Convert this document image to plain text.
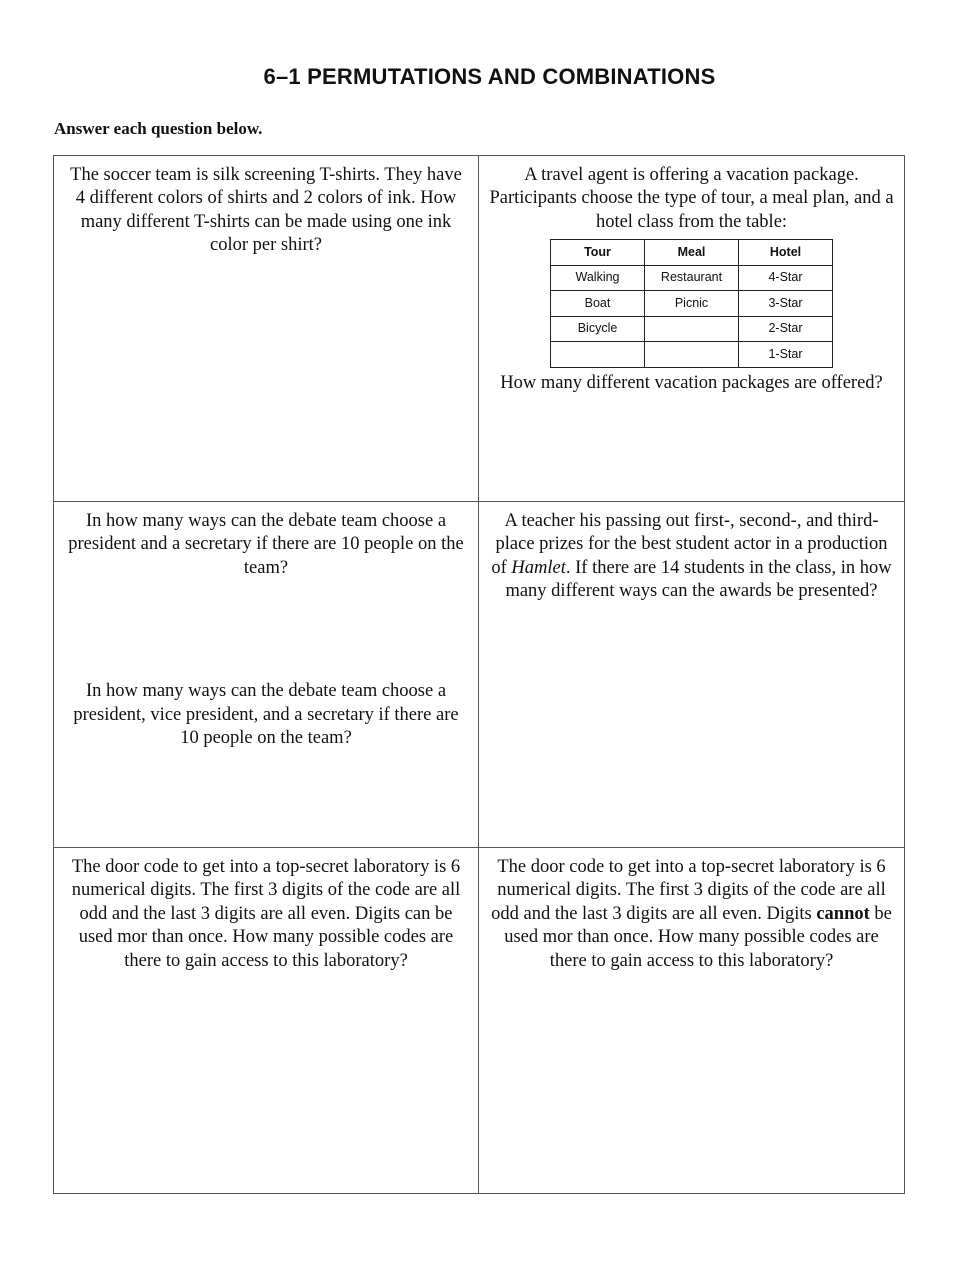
6–1 PERMUTATIONS AND COMBINATIONS
Answer each question below.

The soccer team is silk screening T-shirts. They have 4 different colors of shirts and 2 colors of ink. How many different T-shirts can be made using one ink color per shirt?

A travel agent is offering a vacation package. Participants choose the type of tour, a meal plan, and a hotel class from the table:

Tour	Meal	Hotel
Walking	Restaurant	4-Star
Boat	Picnic	3-Star
Bicycle		2-Star
		1-Star

How many different vacation packages are offered?

In how many ways can the debate team choose a president and a secretary if there are 10 people on the team?

In how many ways can the debate team choose a president, vice president, and a secretary if there are 10 people on the team?

A teacher his passing out first-, second-, and third-place prizes for the best student actor in a production of Hamlet. If there are 14 students in the class, in how many different ways can the awards be presented?

The door code to get into a top-secret laboratory is 6 numerical digits. The first 3 digits of the code are all odd and the last 3 digits are all even. Digits can be used mor than once. How many possible codes are there to gain access to this laboratory?

The door code to get into a top-secret laboratory is 6 numerical digits. The first 3 digits of the code are all odd and the last 3 digits are all even. Digits cannot be used mor than once. How many possible codes are there to gain access to this laboratory?
